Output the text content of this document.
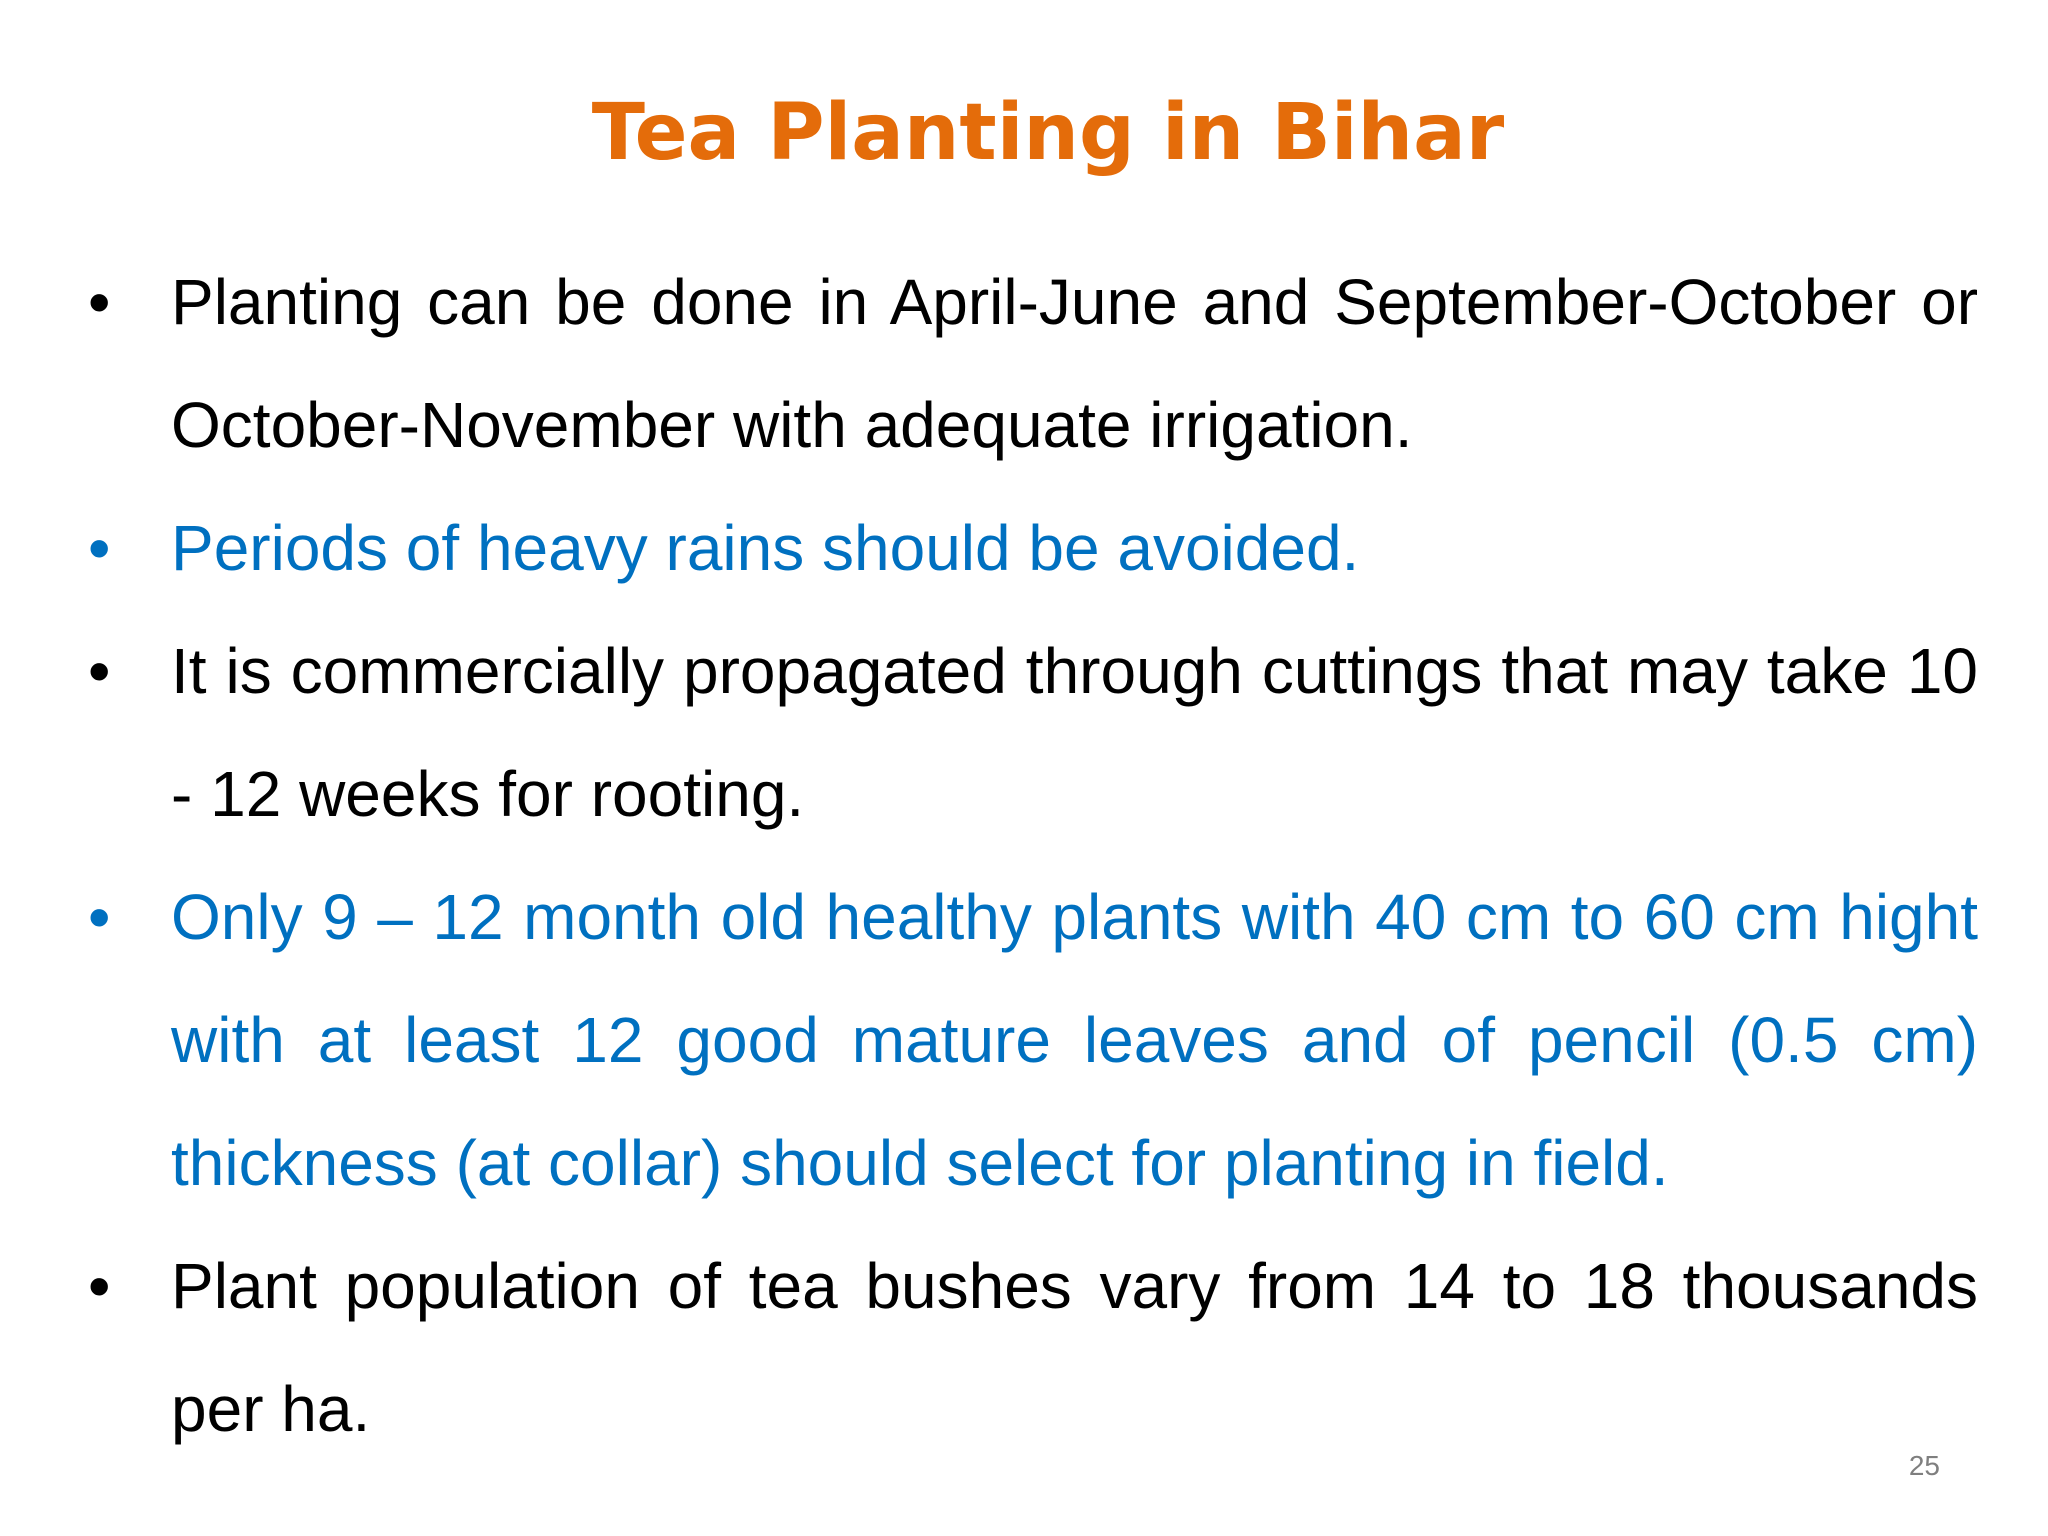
Tea Planting in Bihar
• Planting can be done in April-June and September-October or October-November with adequate irrigation.
• Periods of heavy rains should be avoided.
• It is commercially propagated through cuttings that may take 10 - 12 weeks for rooting.
• Only 9 – 12 month old healthy plants with 40 cm to 60 cm hight with at least 12 good mature leaves and of pencil (0.5 cm) thickness (at collar) should select for planting in field.
• Plant population of tea bushes vary from 14 to 18 thousands per ha.
25
